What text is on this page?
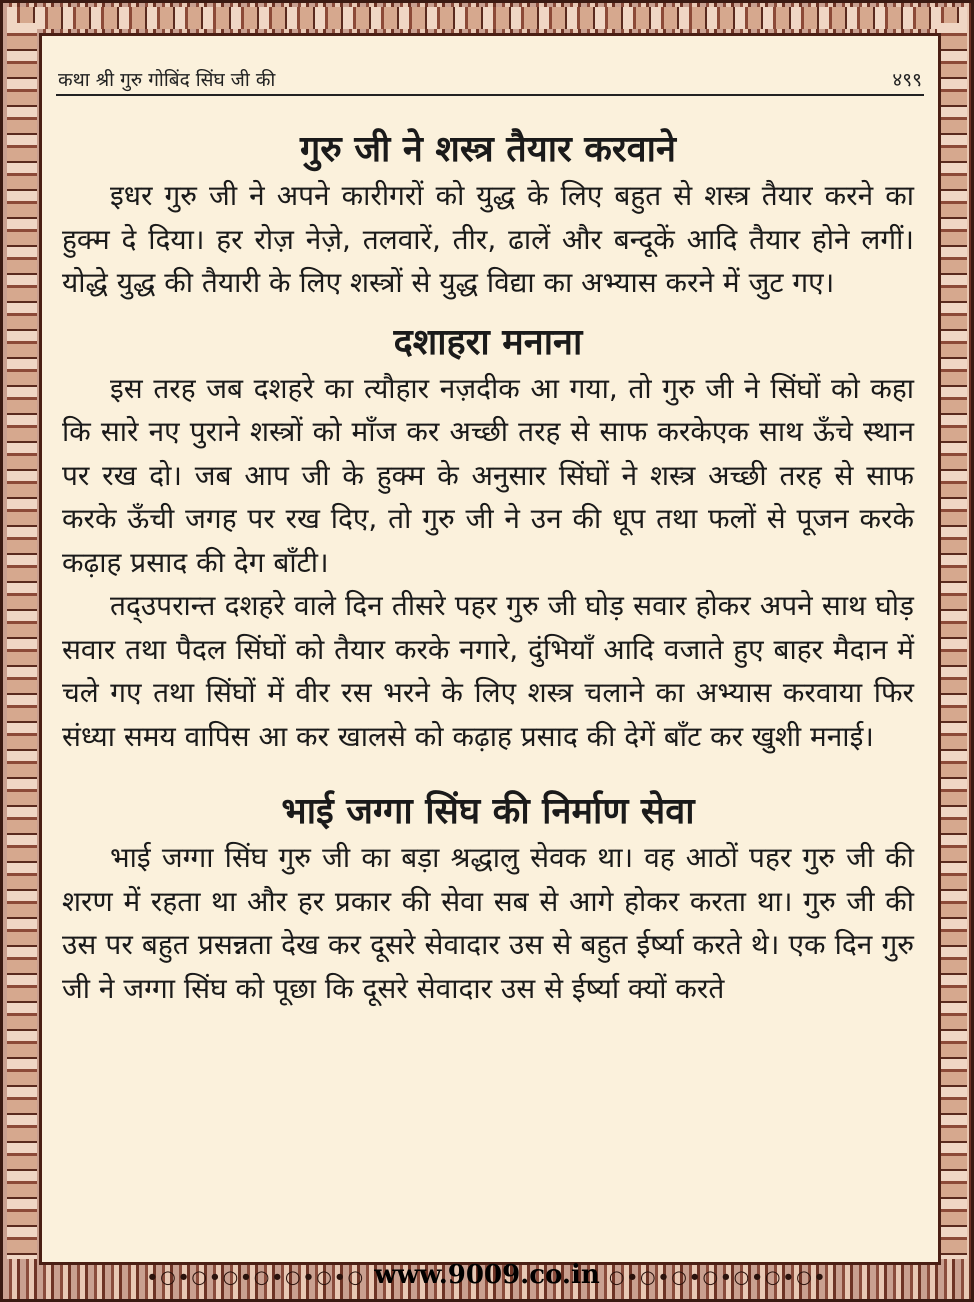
कथा श्री गुरु गोबिंद सिंघ जी की	४९९
गुरु जी ने शस्त्र तैयार करवाने

इधर गुरु जी ने अपने कारीगरों को युद्ध के लिए बहुत से शस्त्र तैयार करने का हुक्म दे दिया। हर रोज़ नेज़े, तलवारें, तीर, ढालें और बन्दूकें आदि तैयार होने लगीं। योद्धे युद्ध की तैयारी के लिए शस्त्रों से युद्ध विद्या का अभ्यास करने में जुट गए।

दशाहरा मनाना

इस तरह जब दशहरे का त्यौहार नज़दीक आ गया, तो गुरु जी ने सिंघों को कहा कि सारे नए पुराने शस्त्रों को माँज कर अच्छी तरह से साफ करकेएक साथ ऊँचे स्थान पर रख दो। जब आप जी के हुक्म के अनुसार सिंघों ने शस्त्र अच्छी तरह से साफ करके ऊँची जगह पर रख दिए, तो गुरु जी ने उन की धूप तथा फलों से पूजन करके कढ़ाह प्रसाद की देग बाँटी।

तद्उपरान्त दशहरे वाले दिन तीसरे पहर गुरु जी घोड़ सवार होकर अपने साथ घोड़ सवार तथा पैदल सिंघों को तैयार करके नगारे, दुंभियाँ आदि वजाते हुए बाहर मैदान में चले गए तथा सिंघों में वीर रस भरने के लिए शस्त्र चलाने का अभ्यास करवाया फिर संध्या समय वापिस आ कर खालसे को कढ़ाह प्रसाद की देगें बाँट कर खुशी मनाई।

भाई जग्गा सिंघ की निर्माण सेवा

भाई जग्गा सिंघ गुरु जी का बड़ा श्रद्धालु सेवक था। वह आठों पहर गुरु जी की शरण में रहता था और हर प्रकार की सेवा सब से आगे होकर करता था। गुरु जी की उस पर बहुत प्रसन्नता देख कर दूसरे सेवादार उस से बहुत ईर्ष्या करते थे। एक दिन गुरु जी ने जग्गा सिंघ को पूछा कि दूसरे सेवादार उस से ईर्ष्या क्यों करते

•○•○•○•○•○•○•○ www.9009.co.in ○•○•○•○•○•○•○•
